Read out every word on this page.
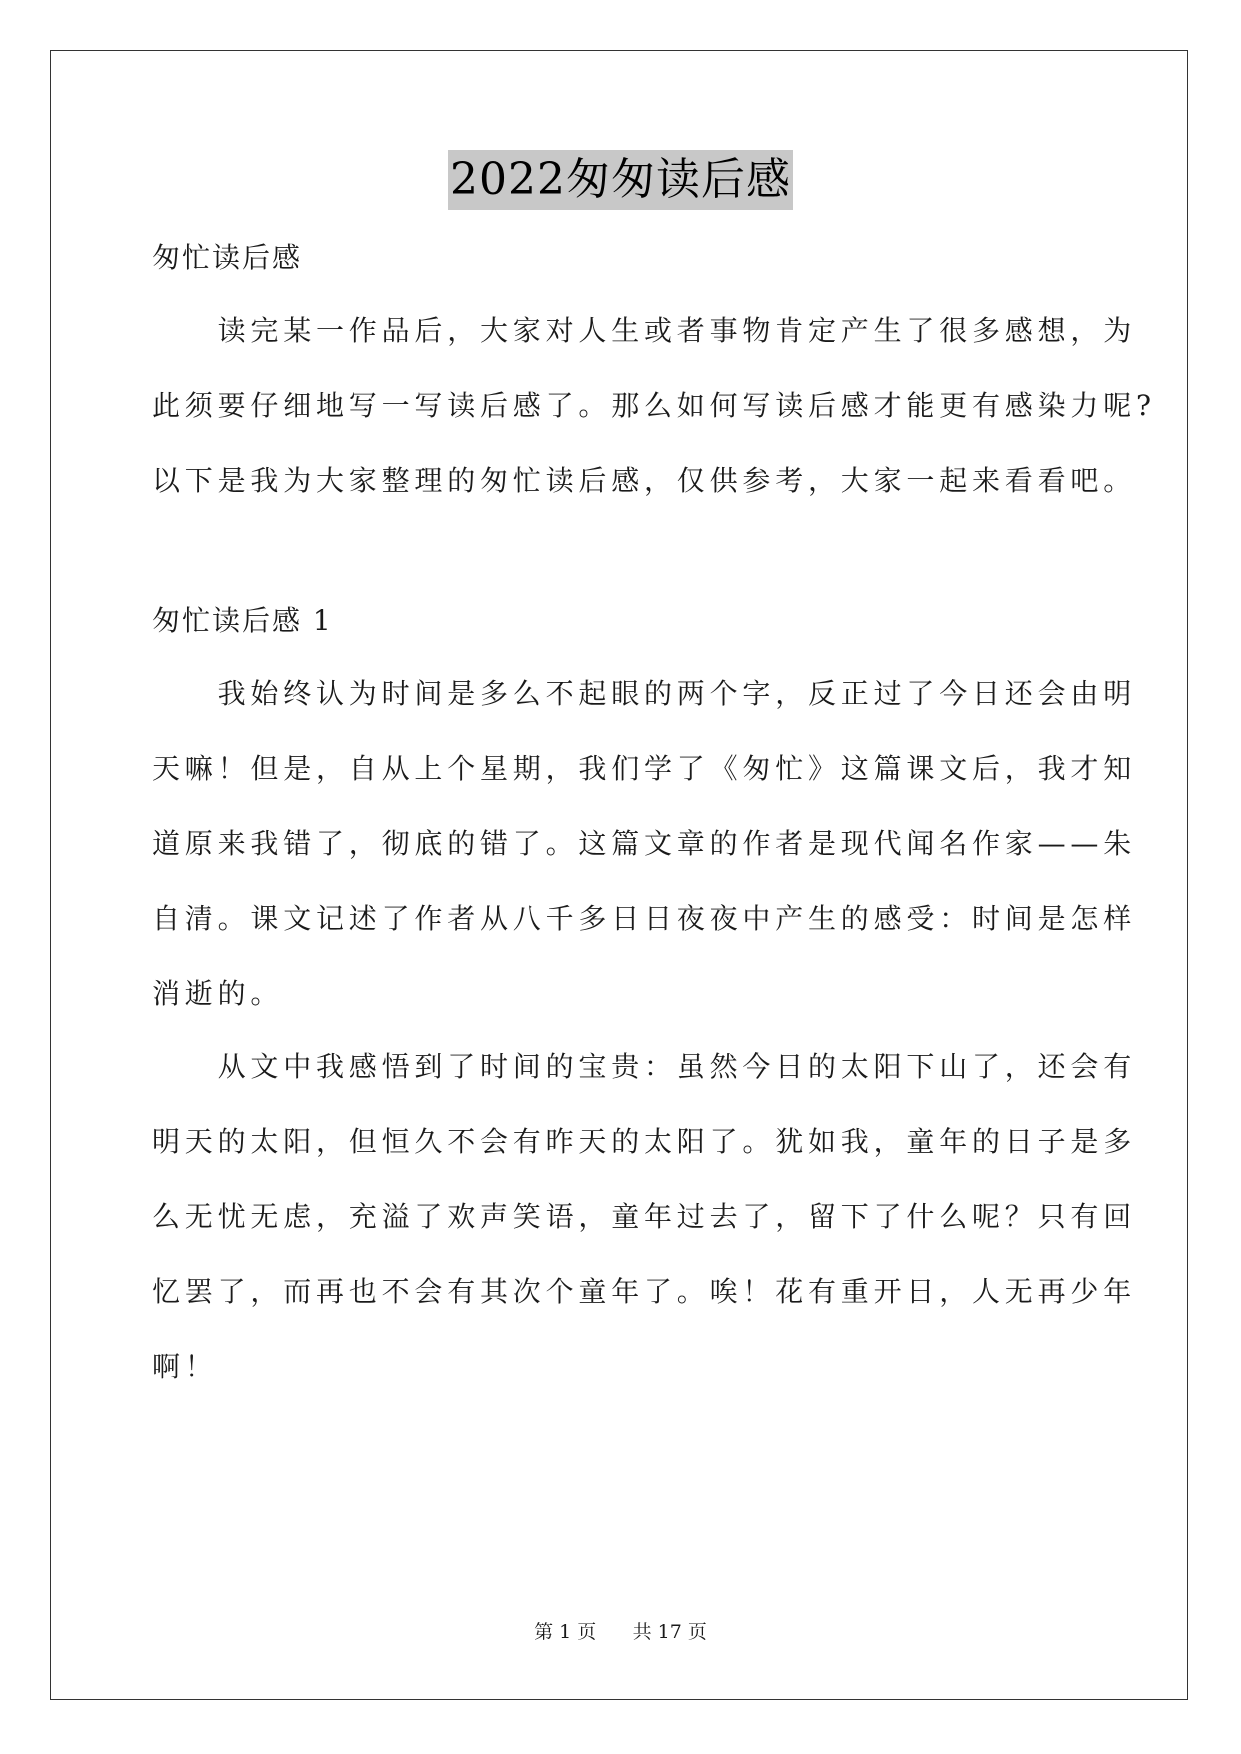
2022匆匆读后感
匆忙读后感
　　读完某一作品后，大家对人生或者事物肯定产生了很多感想，为
此须要仔细地写一写读后感了。那么如何写读后感才能更有感染力呢?
以下是我为大家整理的匆忙读后感，仅供参考，大家一起来看看吧。
匆忙读后感 1
　　我始终认为时间是多么不起眼的两个字，反正过了今日还会由明
天嘛！但是，自从上个星期，我们学了《匆忙》这篇课文后，我才知
道原来我错了，彻底的错了。这篇文章的作者是现代闻名作家——朱
自清。课文记述了作者从八千多日日夜夜中产生的感受：时间是怎样
消逝的。
　　从文中我感悟到了时间的宝贵：虽然今日的太阳下山了，还会有
明天的太阳，但恒久不会有昨天的太阳了。犹如我，童年的日子是多
么无忧无虑，充溢了欢声笑语，童年过去了，留下了什么呢？只有回
忆罢了，而再也不会有其次个童年了。唉！花有重开日，人无再少年
啊！
第 1 页 共 17 页
